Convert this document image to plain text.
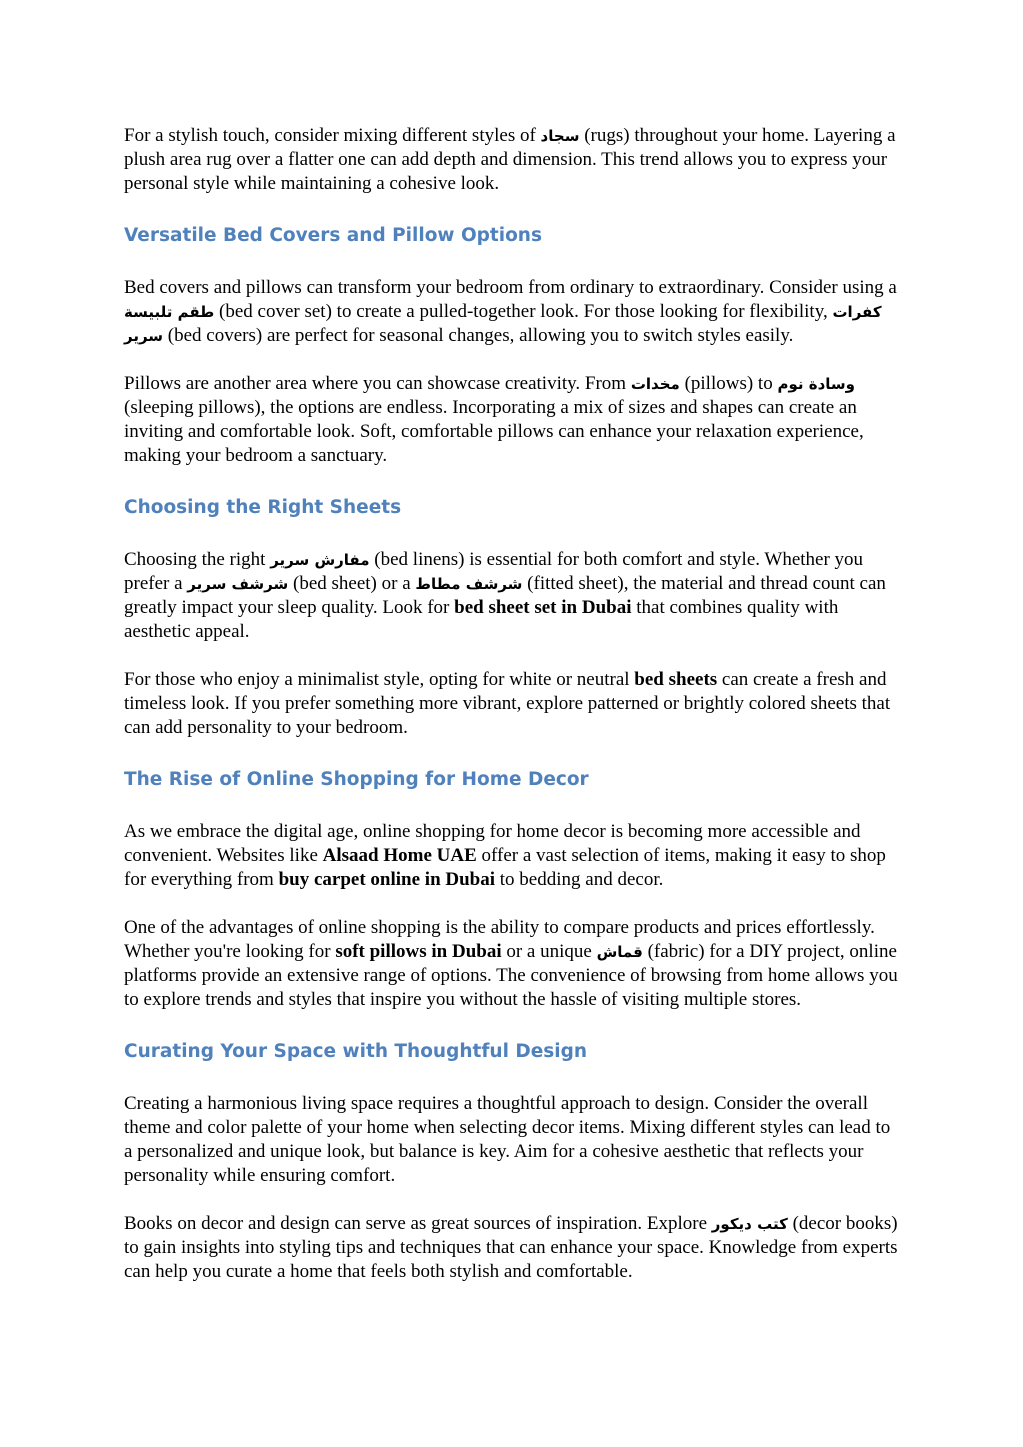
For a stylish touch, consider mixing different styles of سجاد (rugs) throughout your home. Layering a plush area rug over a flatter one can add depth and dimension. This trend allows you to express your personal style while maintaining a cohesive look.

Versatile Bed Covers and Pillow Options

Bed covers and pillows can transform your bedroom from ordinary to extraordinary. Consider using a طقم تلبيسة (bed cover set) to create a pulled-together look. For those looking for flexibility, كفرات سرير (bed covers) are perfect for seasonal changes, allowing you to switch styles easily.

Pillows are another area where you can showcase creativity. From مخدات (pillows) to وسادة نوم (sleeping pillows), the options are endless. Incorporating a mix of sizes and shapes can create an inviting and comfortable look. Soft, comfortable pillows can enhance your relaxation experience, making your bedroom a sanctuary.

Choosing the Right Sheets

Choosing the right مفارش سرير (bed linens) is essential for both comfort and style. Whether you prefer a شرشف سرير (bed sheet) or a شرشف مطاط (fitted sheet), the material and thread count can greatly impact your sleep quality. Look for bed sheet set in Dubai that combines quality with aesthetic appeal.

For those who enjoy a minimalist style, opting for white or neutral bed sheets can create a fresh and timeless look. If you prefer something more vibrant, explore patterned or brightly colored sheets that can add personality to your bedroom.

The Rise of Online Shopping for Home Decor

As we embrace the digital age, online shopping for home decor is becoming more accessible and convenient. Websites like Alsaad Home UAE offer a vast selection of items, making it easy to shop for everything from buy carpet online in Dubai to bedding and decor.

One of the advantages of online shopping is the ability to compare products and prices effortlessly. Whether you're looking for soft pillows in Dubai or a unique قماش (fabric) for a DIY project, online platforms provide an extensive range of options. The convenience of browsing from home allows you to explore trends and styles that inspire you without the hassle of visiting multiple stores.

Curating Your Space with Thoughtful Design

Creating a harmonious living space requires a thoughtful approach to design. Consider the overall theme and color palette of your home when selecting decor items. Mixing different styles can lead to a personalized and unique look, but balance is key. Aim for a cohesive aesthetic that reflects your personality while ensuring comfort.

Books on decor and design can serve as great sources of inspiration. Explore كتب ديكور (decor books) to gain insights into styling tips and techniques that can enhance your space. Knowledge from experts can help you curate a home that feels both stylish and comfortable.
